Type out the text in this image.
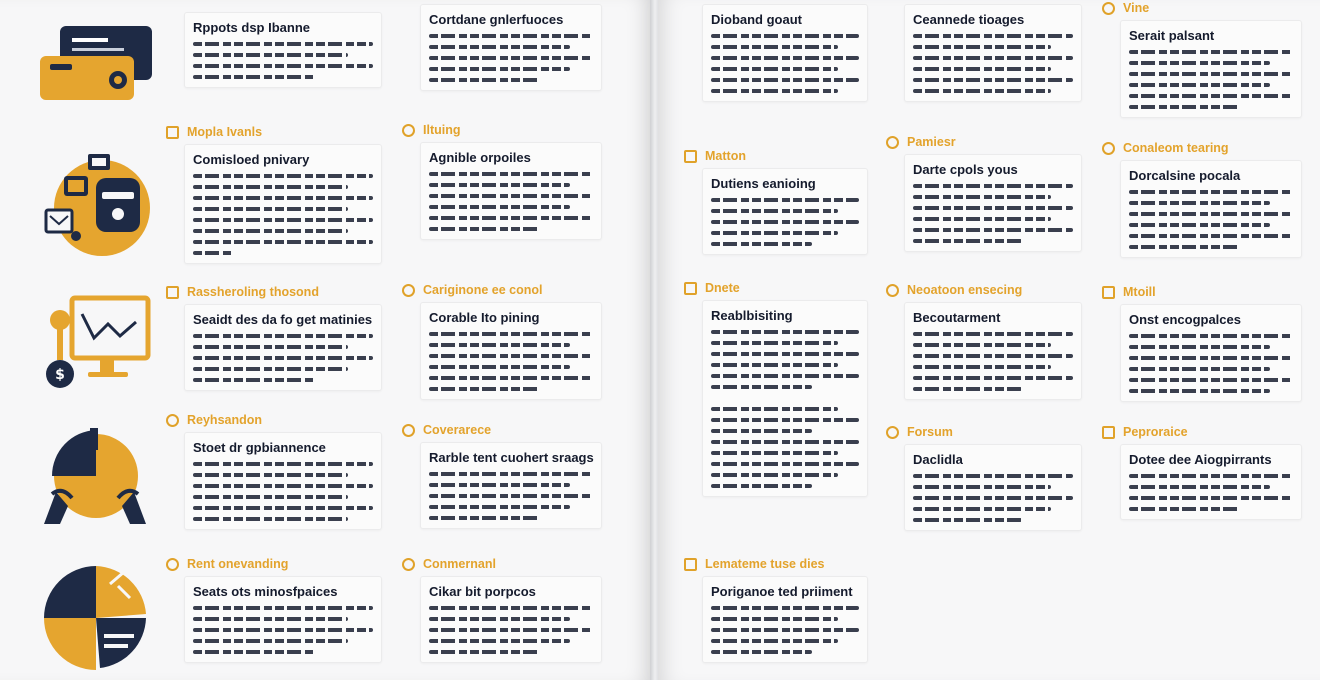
$
Rppots dsp Ibanne
Mopla Ivanls
Comisloed pnivary
Rassheroling thosond
Seaidt des da fo get matinies
Reyhsandon
Stoet dr gpbiannence
Rent onevanding
Seats ots minosfpaices
Cortdane gnlerfuoces
Iltuing
Agnible orpoiles
Cariginone ee conol
Corable Ito pining
Coverarece
Rarble tent cuohert sraags
Conmernanl
Cikar bit porpcos
Dioband goaut
Matton
Dutiens eanioing
Dnete
Reablbisiting
Lemateme tuse dies
Poriganoe ted priiment
Ceannede tioages
Pamiesr
Darte cpols yous
Neoatoon ensecing
Becoutarment
Forsum
Daclidla
Vine
Serait palsant
Conaleom tearing
Dorcalsine pocala
Mtoill
Onst encogpalces
Peproraice
Dotee dee Aiogpirrants
